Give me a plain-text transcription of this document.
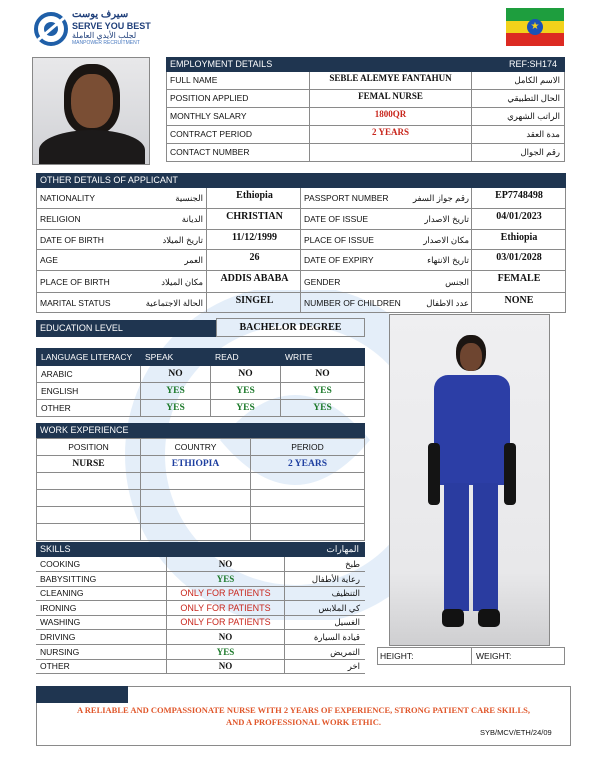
سيرف يوست
SERVE YOU BEST
لجلب الأيدي العاملة
MANPOWER RECRUITMENT
★
EMPLOYMENT DETAILS	REF:SH174
OTHER DETAILS OF APPLICANT
EDUCATION LEVEL	BACHELOR DEGREE
LANGUAGE LITERACY	SPEAK	READ	WRITE
ARABIC	NO	NO	NO
ENGLISH	YES	YES	YES
OTHER	YES	YES	YES
WORK EXPERIENCE
POSITION	COUNTRY	PERIOD
NURSE	ETHIOPIA	2 YEARS

SKILLS	المهارات
HEIGHT:	WEIGHT:
A RELIABLE AND COMPASSIONATE NURSE WITH 2 YEARS OF EXPERIENCE, STRONG PATIENT CARE SKILLS,
AND A PROFESSIONAL WORK ETHIC.
SYB/MCV/ETH/24/09
FULL NAME	SEBLE ALEMYE FANTAHUN	الاسم الكامل
POSITION APPLIED	FEMAL NURSE	الحال التطبيقي
MONTHLY SALARY	1800QR	الراتب الشهري
CONTRACT PERIOD	2 YEARS	مدة العقد
CONTACT NUMBER	رقم الجوال
NATIONALITY	الجنسية	Ethiopia
RELIGION	الديانة	CHRISTIAN
DATE OF BIRTH	تاريخ الميلاد	11/12/1999
AGE	العمر	26
PLACE OF BIRTH	مكان الميلاد	ADDIS ABABA
MARITAL STATUS	الحالة الاجتماعية	SINGEL
PASSPORT NUMBER	رقم جواز السفر	EP7748498
DATE OF ISSUE	تاريخ الاصدار	04/01/2023
PLACE OF ISSUE	مكان الاصدار	Ethiopia
DATE OF EXPIRY	تاريخ الانتهاء	03/01/2028
GENDER	الجنس	FEMALE
NUMBER OF CHILDREN	عدد الاطفال	NONE
COOKING	NO	طبخ
BABYSITTING	YES	رعاية الأطفال
CLEANING	ONLY FOR PATIENTS	التنظيف
IRONING	ONLY FOR PATIENTS	كي الملابس
WASHING	ONLY FOR PATIENTS	الغسيل
DRIVING	NO	قيادة السيارة
NURSING	YES	التمريض
OTHER	NO	اخر
